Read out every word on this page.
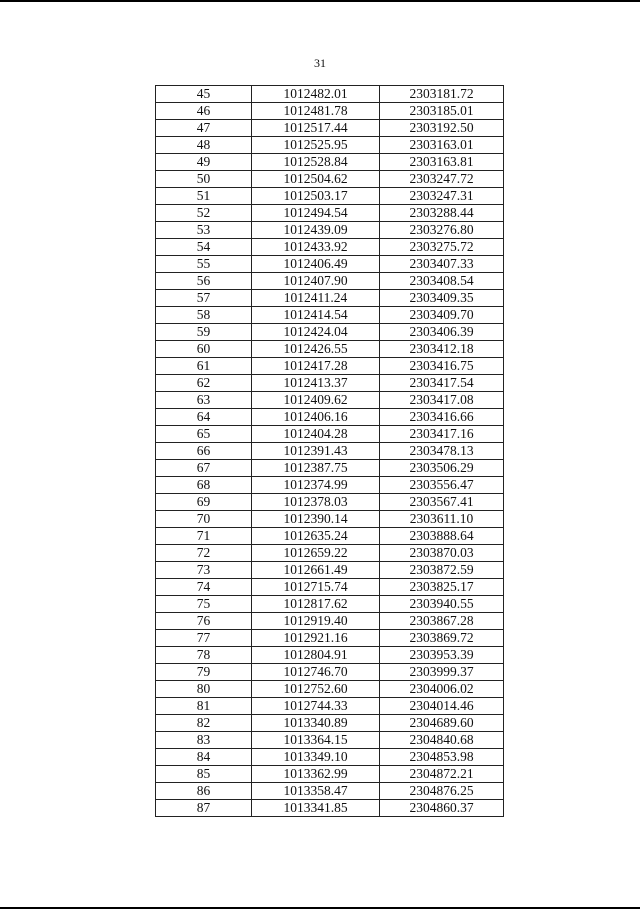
31
45	1012482.01	2303181.72
46	1012481.78	2303185.01
47	1012517.44	2303192.50
48	1012525.95	2303163.01
49	1012528.84	2303163.81
50	1012504.62	2303247.72
51	1012503.17	2303247.31
52	1012494.54	2303288.44
53	1012439.09	2303276.80
54	1012433.92	2303275.72
55	1012406.49	2303407.33
56	1012407.90	2303408.54
57	1012411.24	2303409.35
58	1012414.54	2303409.70
59	1012424.04	2303406.39
60	1012426.55	2303412.18
61	1012417.28	2303416.75
62	1012413.37	2303417.54
63	1012409.62	2303417.08
64	1012406.16	2303416.66
65	1012404.28	2303417.16
66	1012391.43	2303478.13
67	1012387.75	2303506.29
68	1012374.99	2303556.47
69	1012378.03	2303567.41
70	1012390.14	2303611.10
71	1012635.24	2303888.64
72	1012659.22	2303870.03
73	1012661.49	2303872.59
74	1012715.74	2303825.17
75	1012817.62	2303940.55
76	1012919.40	2303867.28
77	1012921.16	2303869.72
78	1012804.91	2303953.39
79	1012746.70	2303999.37
80	1012752.60	2304006.02
81	1012744.33	2304014.46
82	1013340.89	2304689.60
83	1013364.15	2304840.68
84	1013349.10	2304853.98
85	1013362.99	2304872.21
86	1013358.47	2304876.25
87	1013341.85	2304860.37
